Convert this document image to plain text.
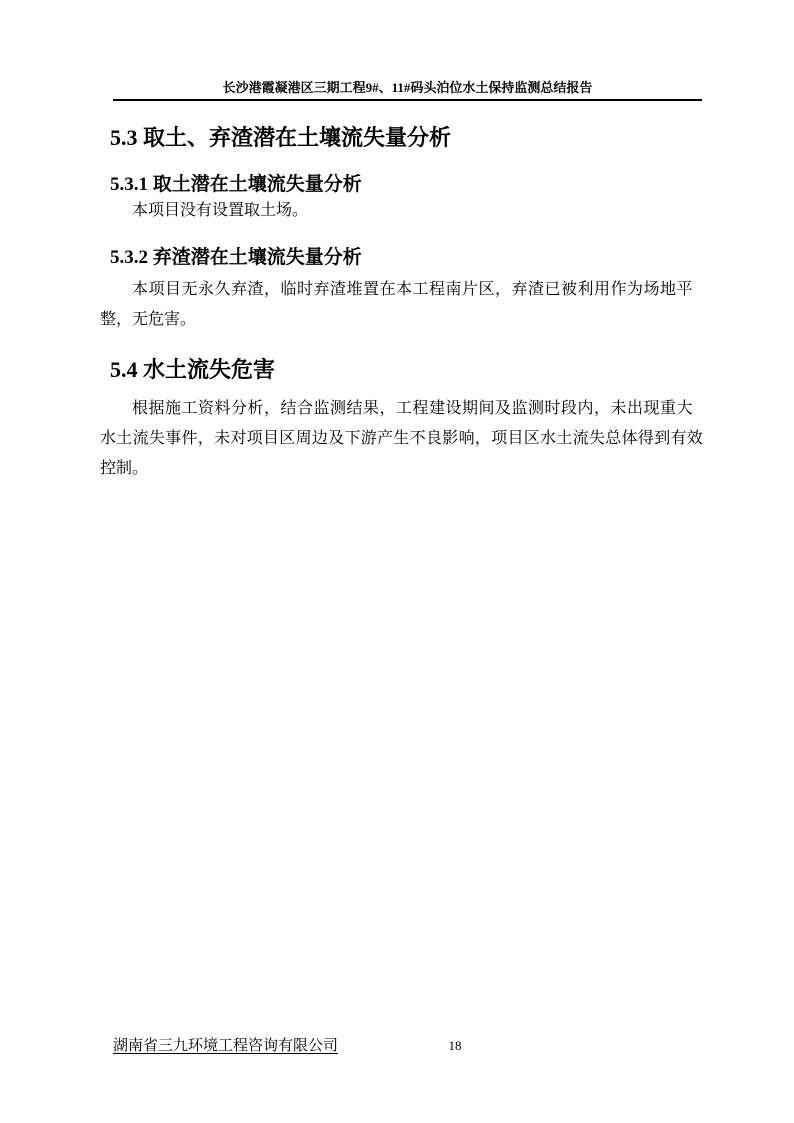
长沙港霞凝港区三期工程9#、11#码头泊位水土保持监测总结报告
5.3 取土、弃渣潜在土壤流失量分析
5.3.1 取土潜在土壤流失量分析
本项目没有设置取土场。
5.3.2 弃渣潜在土壤流失量分析
本项目无永久弃渣，临时弃渣堆置在本工程南片区，弃渣已被利用作为场地平
整，无危害。
5.4 水土流失危害
根据施工资料分析，结合监测结果，工程建设期间及监测时段内，未出现重大
水土流失事件，未对项目区周边及下游产生不良影响，项目区水土流失总体得到有效
控制。
湖南省三九环境工程咨询有限公司	18
